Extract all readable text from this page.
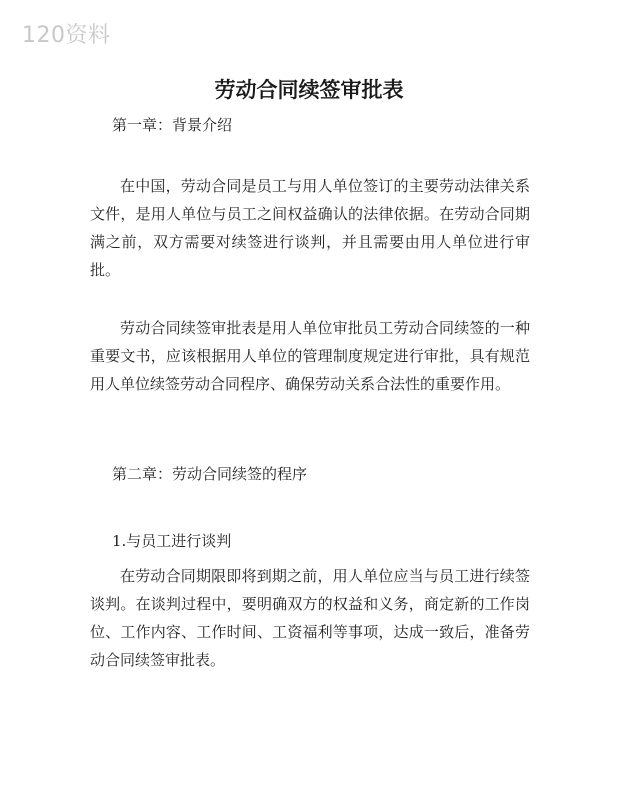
120资料
劳动合同续签审批表

第一章：背景介绍

在中国，劳动合同是员工与用人单位签订的主要劳动法律关系文件，是用人单位与员工之间权益确认的法律依据。在劳动合同期满之前，双方需要对续签进行谈判，并且需要由用人单位进行审批。

劳动合同续签审批表是用人单位审批员工劳动合同续签的一种重要文书，应该根据用人单位的管理制度规定进行审批，具有规范用人单位续签劳动合同程序、确保劳动关系合法性的重要作用。

第二章：劳动合同续签的程序

1.与员工进行谈判

在劳动合同期限即将到期之前，用人单位应当与员工进行续签谈判。在谈判过程中，要明确双方的权益和义务，商定新的工作岗位、工作内容、工作时间、工资福利等事项，达成一致后，准备劳动合同续签审批表。
